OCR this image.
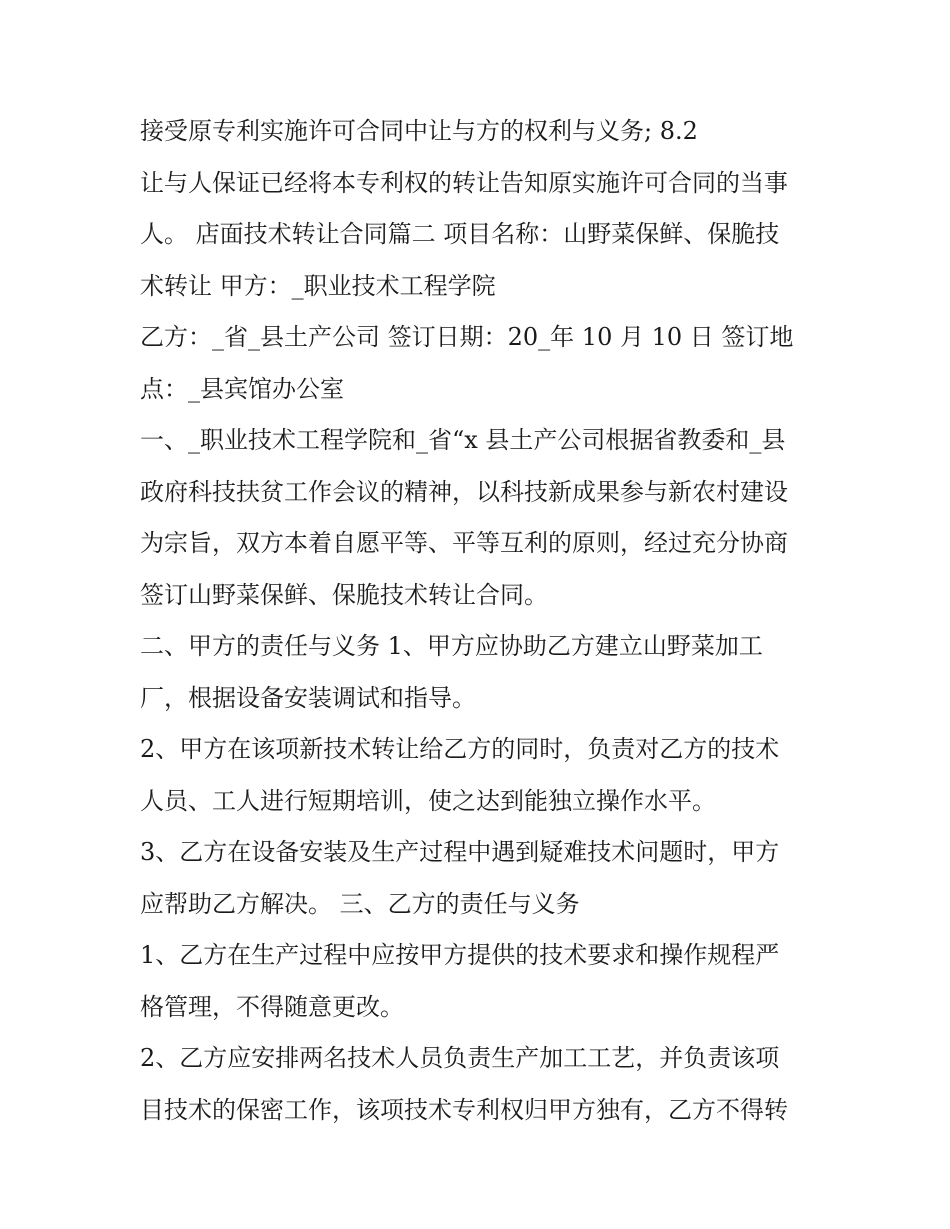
接受原专利实施许可合同中让与方的权利与义务; 8.2
让与人保证已经将本专利权的转让告知原实施许可合同的当事
人。 店面技术转让合同篇二 项目名称：山野菜保鲜、保脆技
术转让 甲方：_职业技术工程学院
乙方：_省_县土产公司 签订日期：20_年 10 月 10 日 签订地
点：_县宾馆办公室
一、_职业技术工程学院和_省“x 县土产公司根据省教委和_县
政府科技扶贫工作会议的精神，以科技新成果参与新农村建设
为宗旨，双方本着自愿平等、平等互利的原则，经过充分协商
签订山野菜保鲜、保脆技术转让合同。
二、甲方的责任与义务 1、甲方应协助乙方建立山野菜加工
厂，根据设备安装调试和指导。
2、甲方在该项新技术转让给乙方的同时，负责对乙方的技术
人员、工人进行短期培训，使之达到能独立操作水平。
3、乙方在设备安装及生产过程中遇到疑难技术问题时，甲方
应帮助乙方解决。 三、乙方的责任与义务
1、乙方在生产过程中应按甲方提供的技术要求和操作规程严
格管理，不得随意更改。
2、乙方应安排两名技术人员负责生产加工工艺，并负责该项
目技术的保密工作，该项技术专利权归甲方独有，乙方不得转
